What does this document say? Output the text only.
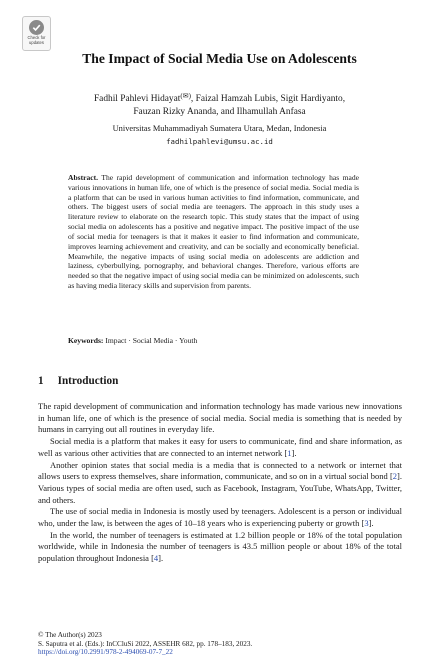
Check for
updates
The Impact of Social Media Use on Adolescents
Fadhil Pahlevi Hidayat(✉), Faizal Hamzah Lubis, Sigit Hardiyanto,
Fauzan Rizky Ananda, and Ilhamullah Anfasa
Universitas Muhammadiyah Sumatera Utara, Medan, Indonesia
fadhilpahlevi@umsu.ac.id

Abstract. The rapid development of communication and information technology has made various innovations in human life, one of which is the presence of social media. Social media is a platform that can be used in various human activities to find information, communicate, and others. The biggest users of social media are teenagers. The approach in this study uses a literature review to elaborate on the research topic. This study states that the impact of using social media on adolescents has a positive and negative impact. The positive impact of the use of social media for teenagers is that it makes it easier to find information and communicate, improves learning achievement and creativity, and can be socially and economically beneficial. Meanwhile, the negative impacts of using social media on adolescents are addiction and laziness, cyberbullying, pornography, and behavioral changes. Therefore, various efforts are needed so that the negative impact of using social media can be minimized on adolescents, such as having media literacy skills and supervision from parents.

Keywords: Impact · Social Media · Youth
1 Introduction

The rapid development of communication and information technology has made various new innovations in human life, one of which is the presence of social media. Social media is something that is needed by humans in carrying out all routines in everyday life.

Social media is a platform that makes it easy for users to communicate, find and share information, as well as various other activities that are connected to an internet network [1].

Another opinion states that social media is a media that is connected to a network or internet that allows users to express themselves, share information, communicate, and so on in a virtual social bond [2]. Various types of social media are often used, such as Facebook, Instagram, YouTube, WhatsApp, Twitter, and others.

The use of social media in Indonesia is mostly used by teenagers. Adolescent is a person or individual who, under the law, is between the ages of 10–18 years who is experiencing puberty or growth [3].

In the world, the number of teenagers is estimated at 1.2 billion people or 18% of the total population worldwide, while in Indonesia the number of teenagers is 43.5 million people or about 18% of the total population throughout Indonesia [4].

© The Author(s) 2023
S. Saputra et al. (Eds.): InCCluSi 2022, ASSEHR 682, pp. 178–183, 2023.
https://doi.org/10.2991/978-2-494069-07-7_22
